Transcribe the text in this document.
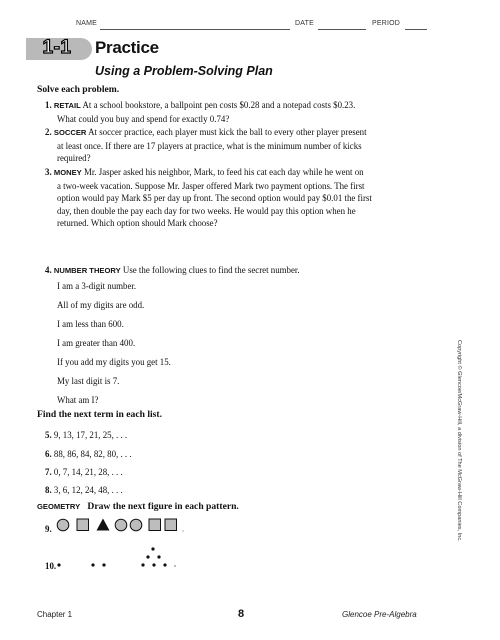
NAME	DATE	PERIOD
1-1	Practice
Using a Problem-Solving Plan
Solve each problem.
1. RETAIL At a school bookstore, a ballpoint pen costs $0.28 and a notepad costs $0.23.
What could you buy and spend for exactly 0.74?
2. SOCCER At soccer practice, each player must kick the ball to every other player present
at least once. If there are 17 players at practice, what is the minimum number of kicks
required?
3. MONEY Mr. Jasper asked his neighbor, Mark, to feed his cat each day while he went on
a two-week vacation. Suppose Mr. Jasper offered Mark two payment options. The first
option would pay Mark $5 per day up front. The second option would pay $0.01 the first
day, then double the pay each day for two weeks. He would pay this option when he
returned. Which option should Mark choose?
4. NUMBER THEORY Use the following clues to find the secret number.
I am a 3-digit number.
All of my digits are odd.
I am less than 600.
I am greater than 400.
If you add my digits you get 15.
My last digit is 7.
What am I?
Find the next term in each list.
5. 9, 13, 17, 21, 25, . . .
6. 88, 86, 84, 82, 80, . . .
7. 0, 7, 14, 21, 28, . . .
8. 3, 6, 12, 24, 48, . . .
GEOMETRY Draw the next figure in each pattern.
9.
10.
Copyright © Glencoe/McGraw-Hill, a division of The McGraw-Hill Companies, Inc.
Chapter 1	8	Glencoe Pre-Algebra
